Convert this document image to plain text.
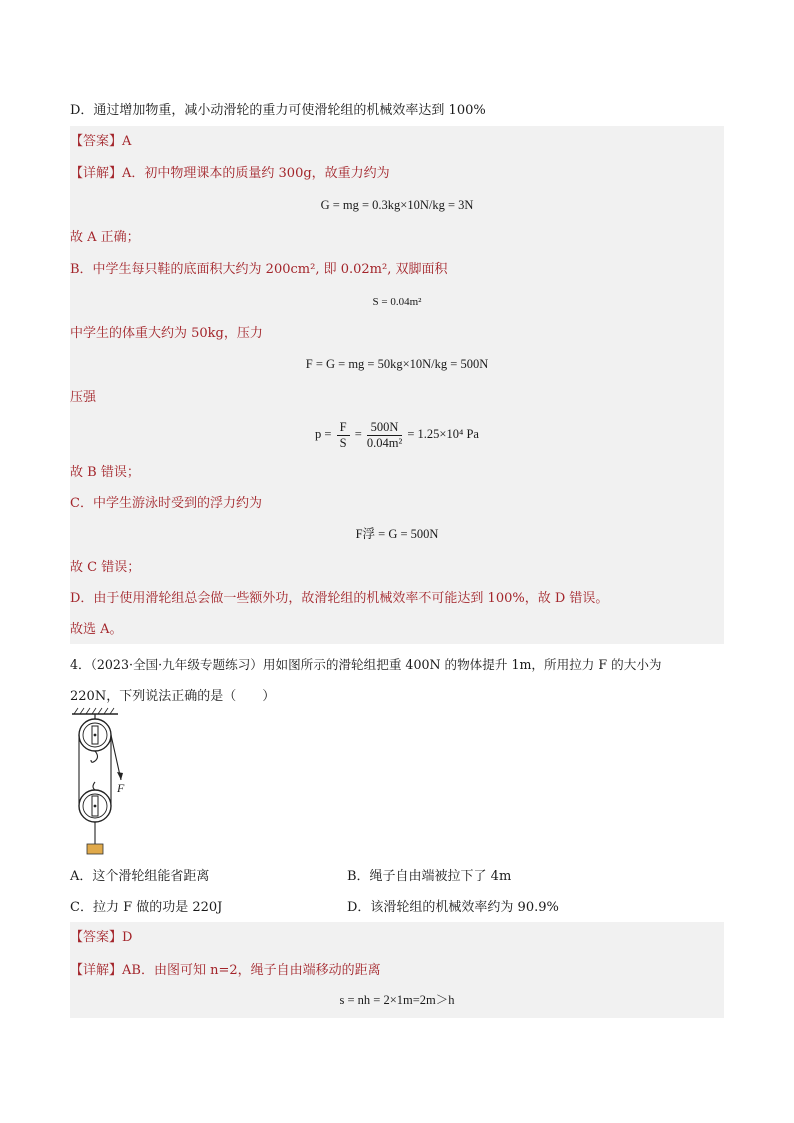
D．通过增加物重，减小动滑轮的重力可使滑轮组的机械效率达到 100%
【答案】A
【详解】A．初中物理课本的质量约 300g，故重力约为
G = mg = 0.3kg×10N/kg = 3N
故 A 正确；
B．中学生每只鞋的底面积大约为 200cm², 即 0.02m², 双脚面积
S = 0.04m²
中学生的体重大约为 50kg，压力
F = G = mg = 50kg×10N/kg = 500N
压强
$p = \frac{F}{S} = \frac{500N}{\text{0.04m²}} = 1.25\times 10^4$ Pa
故 B 错误；
C．中学生游泳时受到的浮力约为
F浮 = G = 500N
故 C 错误；
D．由于使用滑轮组总会做一些额外功，故滑轮组的机械效率不可能达到 100%，故 D 错误。
故选 A。
4．（2023·全国·九年级专题练习）用如图所示的滑轮组把重 400N 的物体提升 1m，所用拉力 F 的大小为
220N，下列说法正确的是（　　）
A．这个滑轮组能省距离	B．绳子自由端被拉下了 4m
C．拉力 F 做的功是 220J	D．该滑轮组的机械效率约为 90.9%
【答案】D
【详解】AB．由图可知 n=2，绳子自由端移动的距离
s = nh = 2×1m=2m＞h
F
